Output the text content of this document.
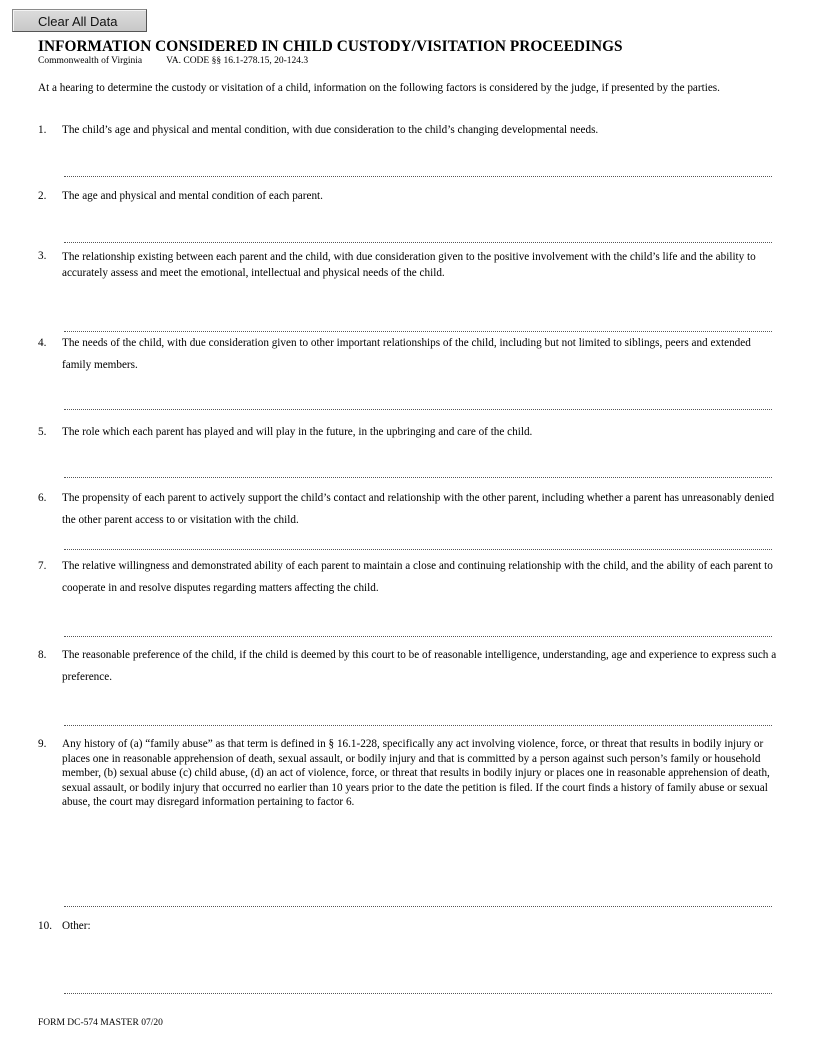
Clear All Data
INFORMATION CONSIDERED IN CHILD CUSTODY/VISITATION PROCEEDINGS
Commonwealth of Virginia	VA. CODE §§ 16.1-278.15, 20-124.3
At a hearing to determine the custody or visitation of a child, information on the following factors is considered by the judge, if presented by the parties.
1. The child’s age and physical and mental condition, with due consideration to the child’s changing developmental needs.
2. The age and physical and mental condition of each parent.
3. The relationship existing between each parent and the child, with due consideration given to the positive involvement with the child’s life and the ability to accurately assess and meet the emotional, intellectual and physical needs of the child.
4. The needs of the child, with due consideration given to other important relationships of the child, including but not limited to siblings, peers and extended family members.
5. The role which each parent has played and will play in the future, in the upbringing and care of the child.
6. The propensity of each parent to actively support the child’s contact and relationship with the other parent, including whether a parent has unreasonably denied the other parent access to or visitation with the child.
7. The relative willingness and demonstrated ability of each parent to maintain a close and continuing relationship with the child, and the ability of each parent to cooperate in and resolve disputes regarding matters affecting the child.
8. The reasonable preference of the child, if the child is deemed by this court to be of reasonable intelligence, understanding, age and experience to express such a preference.
9. Any history of (a) “family abuse” as that term is defined in § 16.1-228, specifically any act involving violence, force, or threat that results in bodily injury or places one in reasonable apprehension of death, sexual assault, or bodily injury and that is committed by a person against such person’s family or household member, (b) sexual abuse (c) child abuse, (d) an act of violence, force, or threat that results in bodily injury or places one in reasonable apprehension of death, sexual assault, or bodily injury that occurred no earlier than 10 years prior to the date the petition is filed. If the court finds a history of family abuse or sexual abuse, the court may disregard information pertaining to factor 6.
10. Other:
FORM DC-574 MASTER 07/20
